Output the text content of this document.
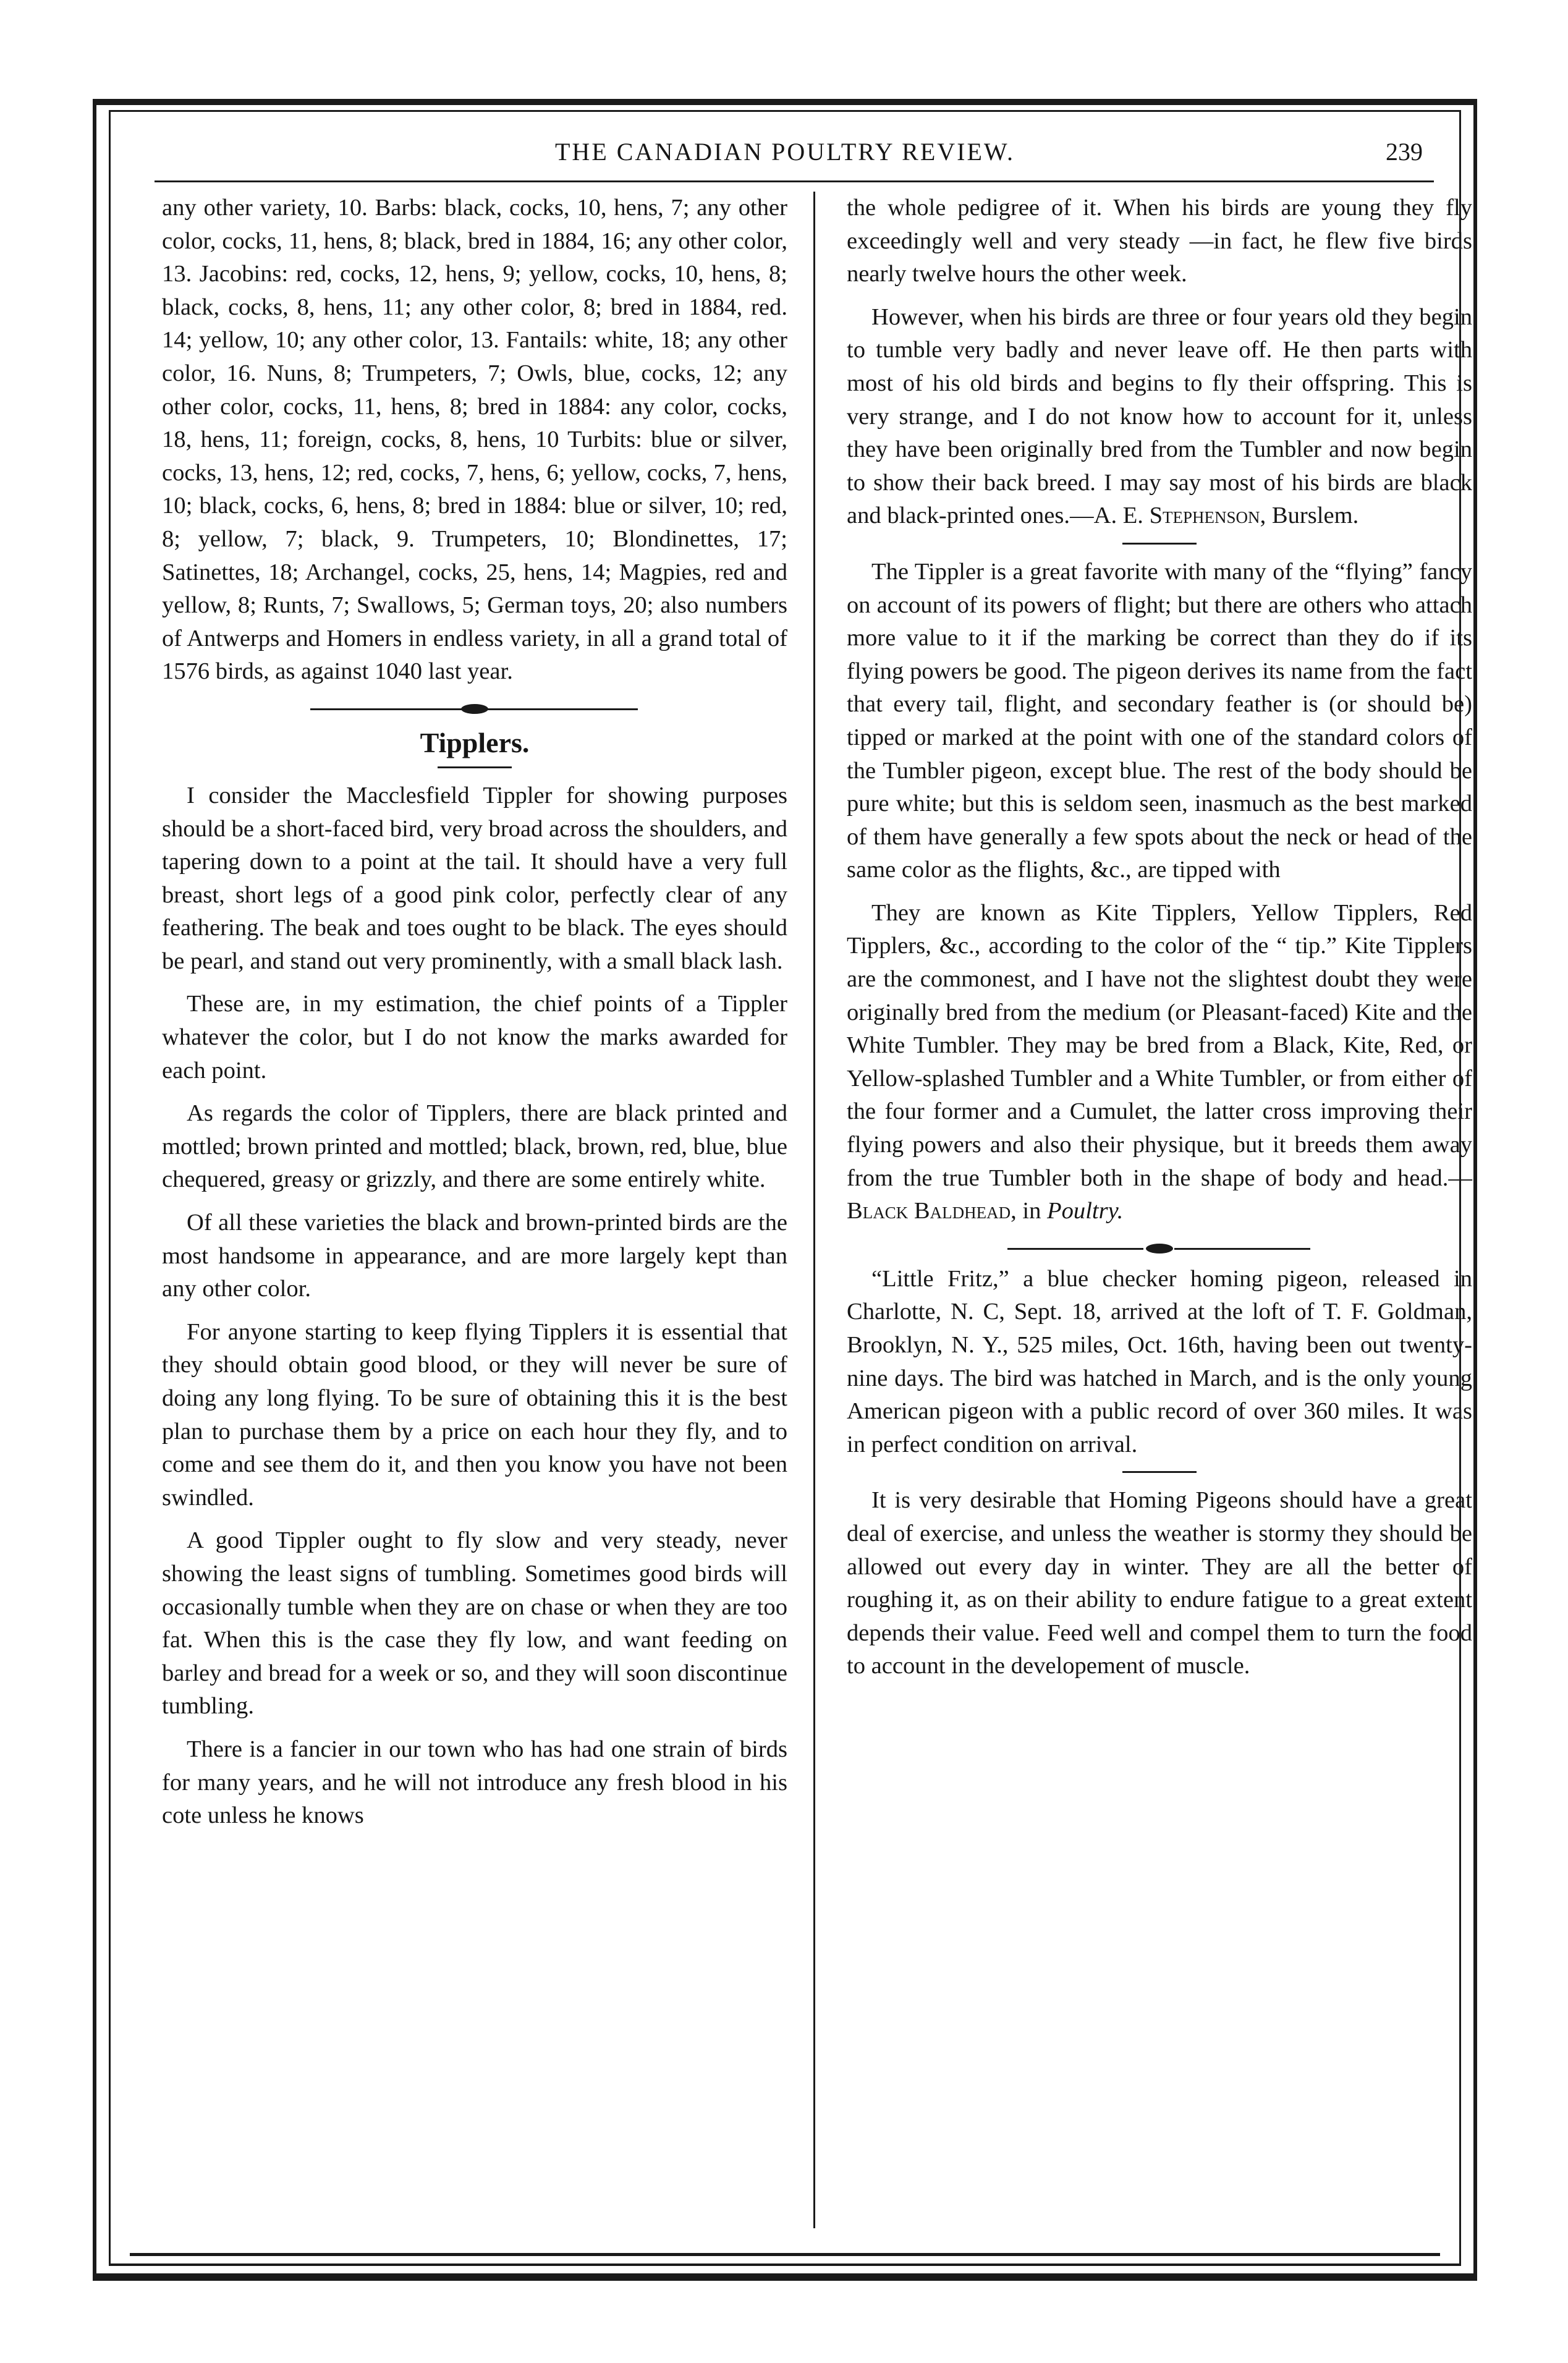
THE CANADIAN POULTRY REVIEW.	239

any other variety, 10. Barbs: black, cocks, 10, hens, 7; any other color, cocks, 11, hens, 8; black, bred in 1884, 16; any other color, 13. Jacobins: red, cocks, 12, hens, 9; yellow, cocks, 10, hens, 8; black, cocks, 8, hens, 11; any other color, 8; bred in 1884, red. 14; yellow, 10; any other color, 13. Fantails: white, 18; any other color, 16. Nuns, 8; Trumpeters, 7; Owls, blue, cocks, 12; any other color, cocks, 11, hens, 8; bred in 1884: any color, cocks, 18, hens, 11; foreign, cocks, 8, hens, 10 Turbits: blue or silver, cocks, 13, hens, 12; red, cocks, 7, hens, 6; yellow, cocks, 7, hens, 10; black, cocks, 6, hens, 8; bred in 1884: blue or silver, 10; red, 8; yellow, 7; black, 9. Trumpeters, 10; Blondinettes, 17; Satinettes, 18; Archangel, cocks, 25, hens, 14; Magpies, red and yellow, 8; Runts, 7; Swallows, 5; German toys, 20; also numbers of Antwerps and Homers in endless variety, in all a grand total of 1576 birds, as against 1040 last year.

Tipplers.

I consider the Macclesfield Tippler for showing purposes should be a short-faced bird, very broad across the shoulders, and tapering down to a point at the tail. It should have a very full breast, short legs of a good pink color, perfectly clear of any feathering. The beak and toes ought to be black. The eyes should be pearl, and stand out very prominently, with a small black lash.

These are, in my estimation, the chief points of a Tippler whatever the color, but I do not know the marks awarded for each point.

As regards the color of Tipplers, there are black printed and mottled; brown printed and mottled; black, brown, red, blue, blue chequered, greasy or grizzly, and there are some entirely white.

Of all these varieties the black and brown-printed birds are the most handsome in appearance, and are more largely kept than any other color.

For anyone starting to keep flying Tipplers it is essential that they should obtain good blood, or they will never be sure of doing any long flying. To be sure of obtaining this it is the best plan to purchase them by a price on each hour they fly, and to come and see them do it, and then you know you have not been swindled.

A good Tippler ought to fly slow and very steady, never showing the least signs of tumbling. Sometimes good birds will occasionally tumble when they are on chase or when they are too fat. When this is the case they fly low, and want feeding on barley and bread for a week or so, and they will soon discontinue tumbling.

There is a fancier in our town who has had one strain of birds for many years, and he will not introduce any fresh blood in his cote unless he knows

the whole pedigree of it. When his birds are young they fly exceedingly well and very steady —in fact, he flew five birds nearly twelve hours the other week.

However, when his birds are three or four years old they begin to tumble very badly and never leave off. He then parts with most of his old birds and begins to fly their offspring. This is very strange, and I do not know how to account for it, unless they have been originally bred from the Tumbler and now begin to show their back breed. I may say most of his birds are black and black-printed ones.—A. E. Stephenson, Burslem.

The Tippler is a great favorite with many of the “flying” fancy on account of its powers of flight; but there are others who attach more value to it if the marking be correct than they do if its flying powers be good. The pigeon derives its name from the fact that every tail, flight, and secondary feather is (or should be) tipped or marked at the point with one of the standard colors of the Tumbler pigeon, except blue. The rest of the body should be pure white; but this is seldom seen, inasmuch as the best marked of them have generally a few spots about the neck or head of the same color as the flights, &c., are tipped with

They are known as Kite Tipplers, Yellow Tipplers, Red Tipplers, &c., according to the color of the “ tip.” Kite Tipplers are the commonest, and I have not the slightest doubt they were originally bred from the medium (or Pleasant-faced) Kite and the White Tumbler. They may be bred from a Black, Kite, Red, or Yellow-splashed Tumbler and a White Tumbler, or from either of the four former and a Cumulet, the latter cross improving their flying powers and also their physique, but it breeds them away from the true Tumbler both in the shape of body and head.—Black Baldhead, in Poultry.

“Little Fritz,” a blue checker homing pigeon, released in Charlotte, N. C, Sept. 18, arrived at the loft of T. F. Goldman, Brooklyn, N. Y., 525 miles, Oct. 16th, having been out twenty-nine days. The bird was hatched in March, and is the only young American pigeon with a public record of over 360 miles. It was in perfect condition on arrival.

It is very desirable that Homing Pigeons should have a great deal of exercise, and unless the weather is stormy they should be allowed out every day in winter. They are all the better of roughing it, as on their ability to endure fatigue to a great extent depends their value. Feed well and compel them to turn the food to account in the developement of muscle.
